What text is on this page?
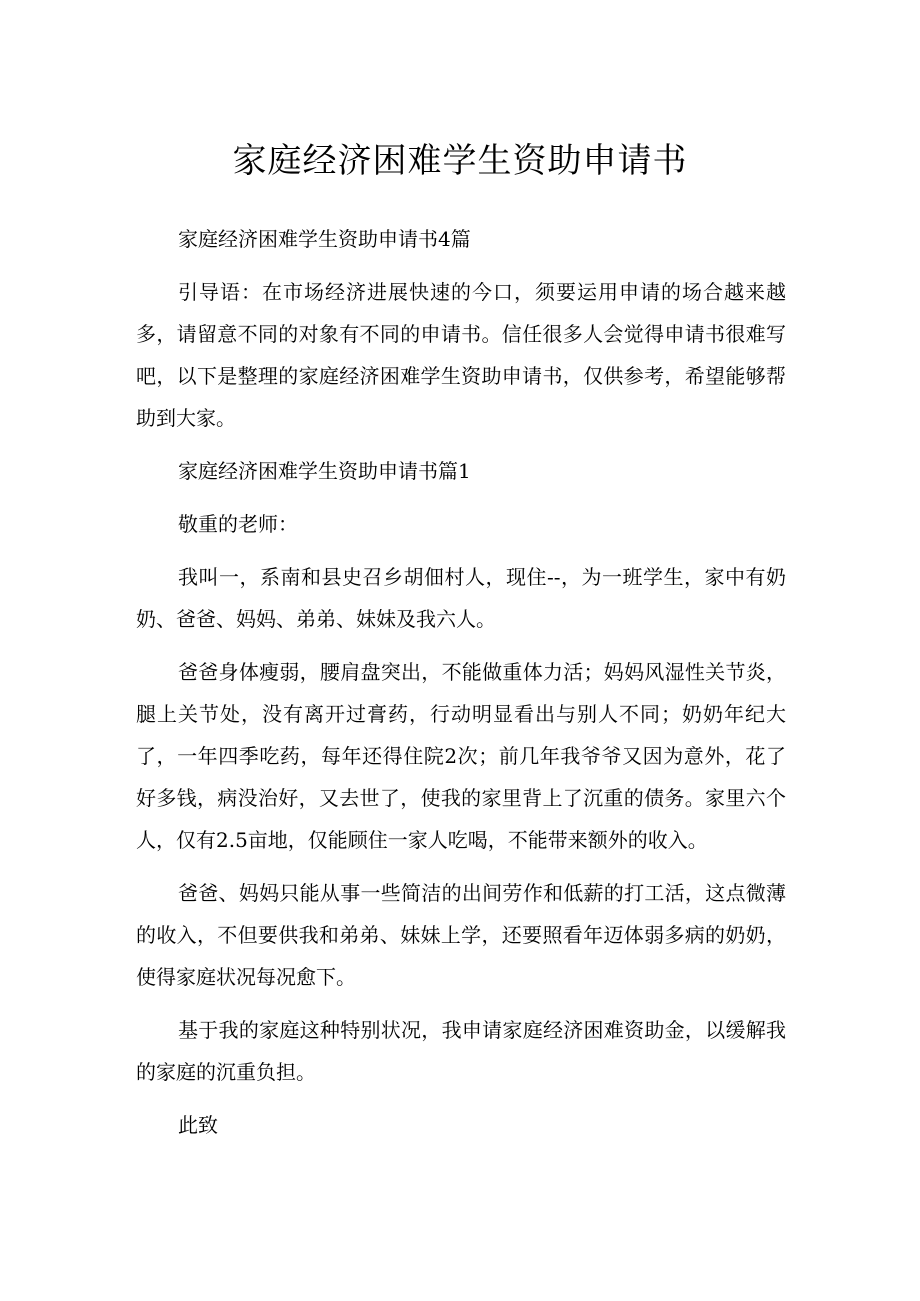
家庭经济困难学生资助申请书

家庭经济困难学生资助申请书4篇

引导语：在市场经济进展快速的今口，须要运用申请的场合越来越多，请留意不同的对象有不同的申请书。信任很多人会觉得申请书很难写吧，以下是整理的家庭经济困难学生资助申请书，仅供参考，希望能够帮助到大家。

家庭经济困难学生资助申请书篇1

敬重的老师：

我叫一，系南和县史召乡胡佃村人，现住--，为一班学生，家中有奶奶、爸爸、妈妈、弟弟、妹妹及我六人。

爸爸身体瘦弱，腰肩盘突出，不能做重体力活；妈妈风湿性关节炎，腿上关节处，没有离开过膏药，行动明显看出与别人不同；奶奶年纪大了，一年四季吃药，每年还得住院2次；前几年我爷爷又因为意外，花了好多钱，病没治好，又去世了，使我的家里背上了沉重的债务。家里六个人，仅有2.5亩地，仅能顾住一家人吃喝，不能带来额外的收入。

爸爸、妈妈只能从事一些简洁的出间劳作和低薪的打工活，这点微薄的收入，不但要供我和弟弟、妹妹上学，还要照看年迈体弱多病的奶奶，使得家庭状况每况愈下。

基于我的家庭这种特别状况，我申请家庭经济困难资助金，以缓解我的家庭的沉重负担。

此致
